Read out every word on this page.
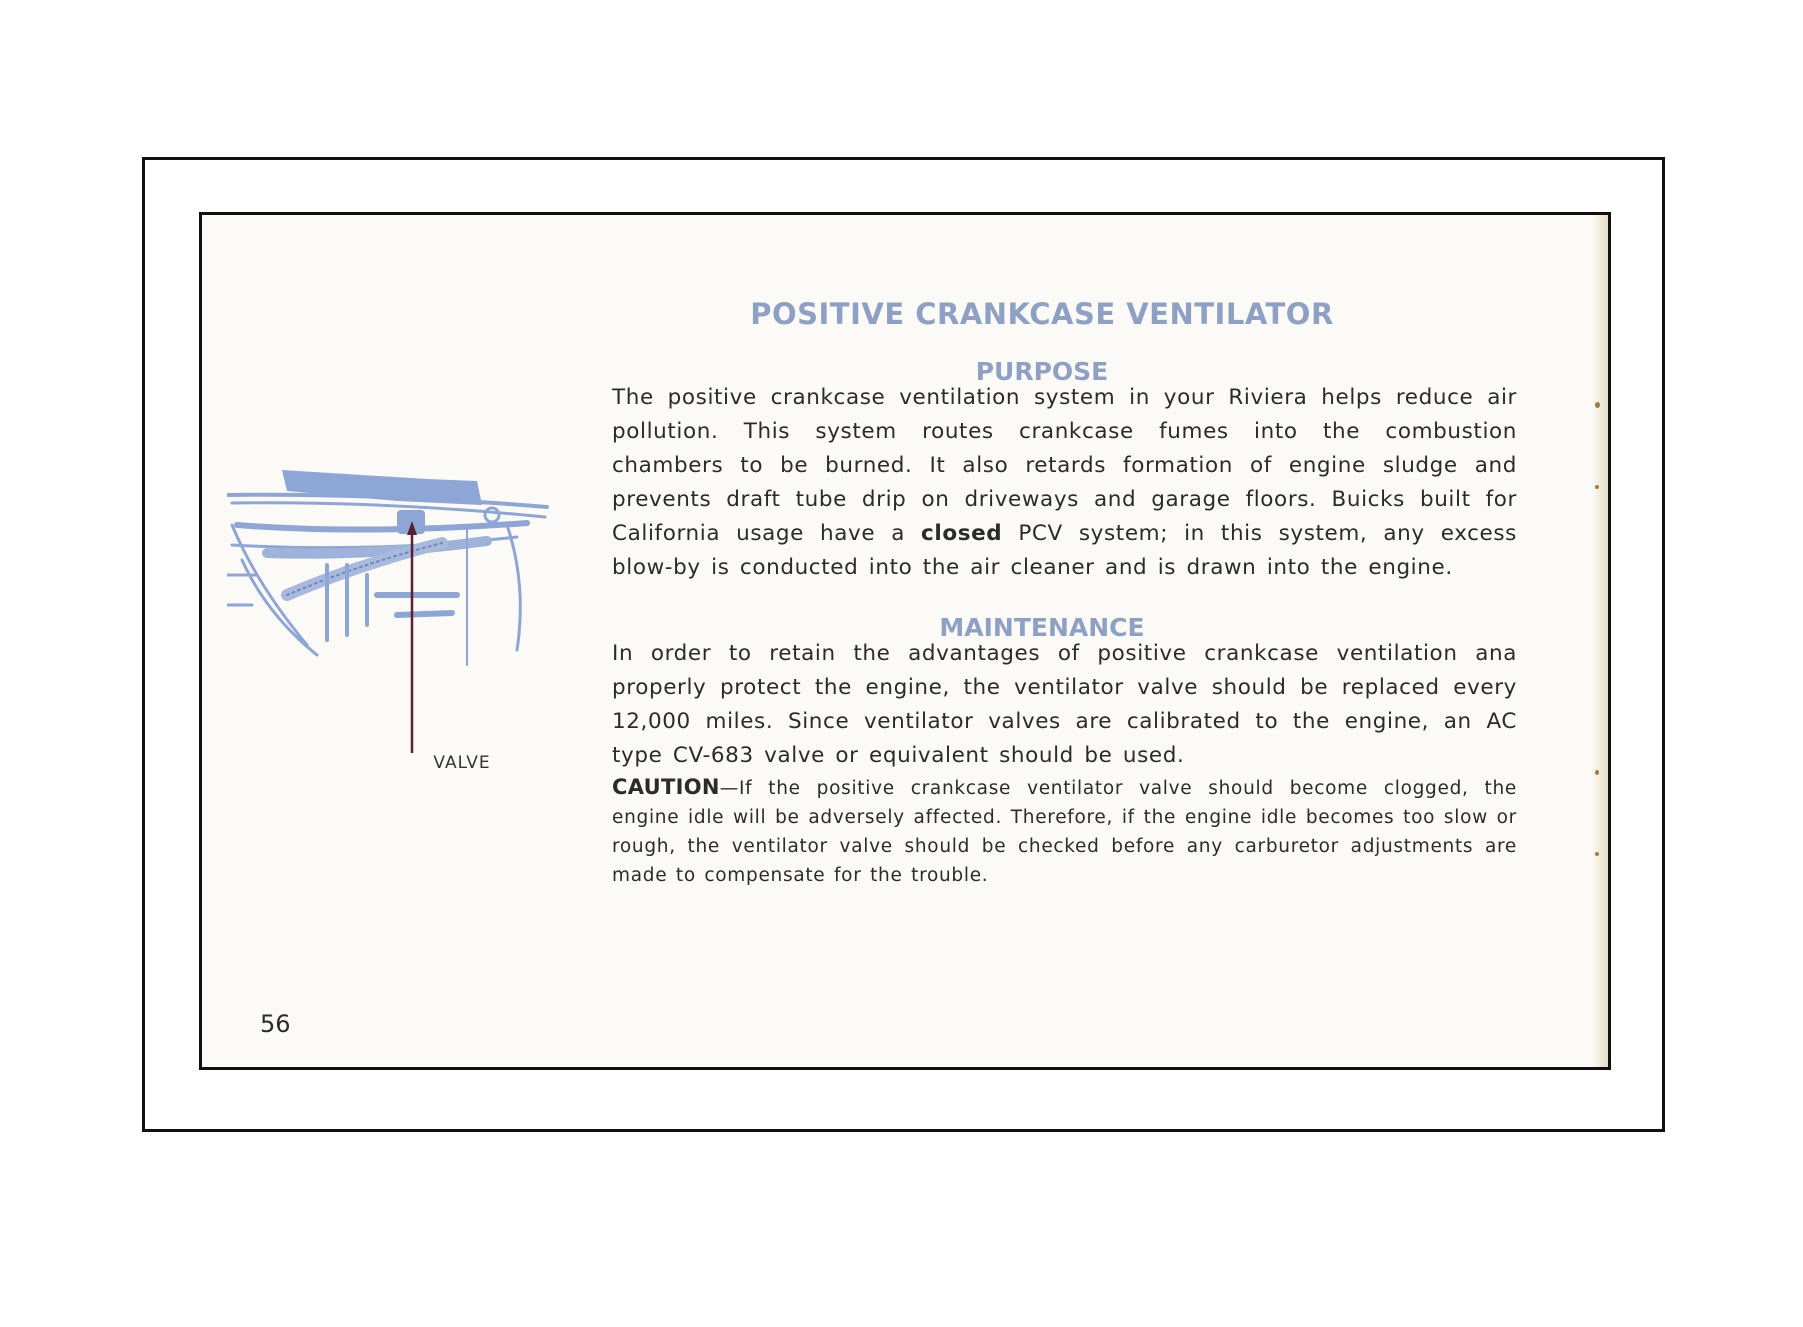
POSITIVE CRANKCASE VENTILATOR
PURPOSE

The positive crankcase ventilation system in your Riviera helps reduce air pollution. This system routes crankcase fumes into the combustion chambers to be burned. It also retards formation of engine sludge and prevents draft tube drip on driveways and garage floors. Buicks built for California usage have a closed PCV system; in this system, any excess blow-by is conducted into the air cleaner and is drawn into the engine.

MAINTENANCE

In order to retain the advantages of positive crankcase ventilation ana properly protect the engine, the ventilator valve should be replaced every 12,000 miles. Since ventilator valves are calibrated to the engine, an AC type CV-683 valve or equivalent should be used.

CAUTION—If the positive crankcase ventilator valve should become clogged, the engine idle will be adversely affected. Therefore, if the engine idle becomes too slow or rough, the ventilator valve should be checked before any carburetor adjustments are made to compensate for the trouble.

VALVE
56
